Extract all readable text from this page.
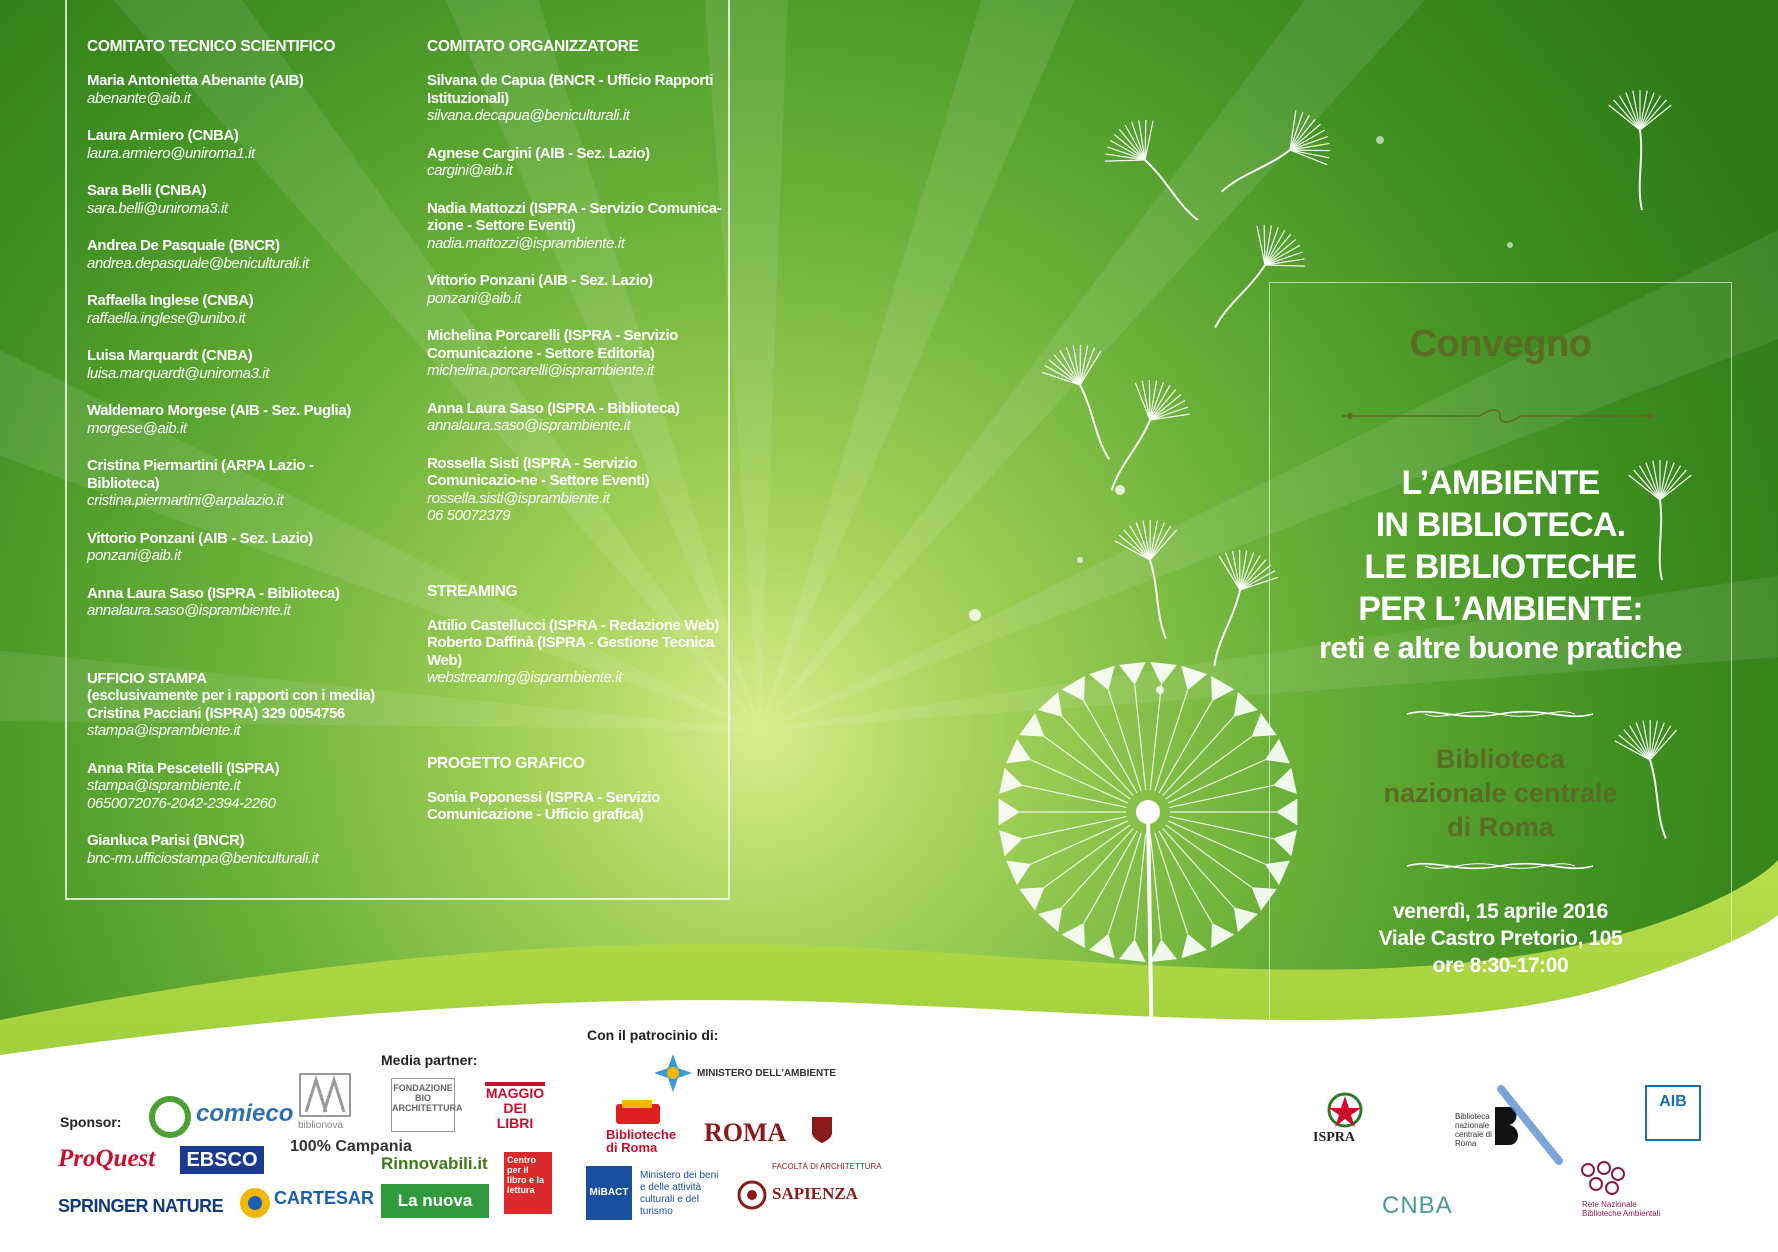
COMITATO TECNICO SCIENTIFICO
Maria Antonietta Abenante (AIB)
abenante@aib.it
Laura Armiero (CNBA)
laura.armiero@uniroma1.it
Sara Belli (CNBA)
sara.belli@uniroma3.it
Andrea De Pasquale (BNCR)
andrea.depasquale@beniculturali.it
Raffaella Inglese (CNBA)
raffaella.inglese@unibo.it
Luisa Marquardt (CNBA)
luisa.marquardt@uniroma3.it
Waldemaro Morgese (AIB - Sez. Puglia)
morgese@aib.it
Cristina Piermartini (ARPA Lazio - Biblioteca)
cristina.piermartini@arpalazio.it
Vittorio Ponzani (AIB - Sez. Lazio)
ponzani@aib.it
Anna Laura Saso (ISPRA - Biblioteca)
annalaura.saso@isprambiente.it
UFFICIO STAMPA
(esclusivamente per i rapporti con i media)
Cristina Pacciani (ISPRA) 329 0054756
stampa@isprambiente.it
Anna Rita Pescetelli (ISPRA)
stampa@isprambiente.it
0650072076-2042-2394-2260
Gianluca Parisi (BNCR)
bnc-rm.ufficiostampa@beniculturali.it
COMITATO ORGANIZZATORE
Silvana de Capua (BNCR - Ufficio Rapporti Istituzionali)
silvana.decapua@beniculturali.it
Agnese Cargini (AIB - Sez. Lazio)
cargini@aib.it
Nadia Mattozzi (ISPRA - Servizio Comunica-zione - Settore Eventi)
nadia.mattozzi@isprambiente.it
Vittorio Ponzani (AIB - Sez. Lazio)
ponzani@aib.it
Michelina Porcarelli (ISPRA - Servizio Comunicazione - Settore Editoria)
michelina.porcarelli@isprambiente.it
Anna Laura Saso (ISPRA - Biblioteca)
annalaura.saso@isprambiente.it
Rossella Sisti (ISPRA - Servizio Comunicazio-ne - Settore Eventi)
rossella.sisti@isprambiente.it
06 50072379
STREAMING
Attilio Castellucci (ISPRA - Redazione Web)
Roberto Daffinà (ISPRA - Gestione Tecnica Web)
webstreaming@isprambiente.it
PROGETTO GRAFICO
Sonia Poponessi (ISPRA - Servizio Comunicazione - Ufficio grafica)
Convegno
L’AMBIENTE
IN BIBLIOTECA.
LE BIBLIOTECHE
PER L’AMBIENTE:
reti e altre buone pratiche
Biblioteca
nazionale centrale
di Roma
venerdì, 15 aprile 2016
Viale Castro Pretorio, 105
ore 8:30-17:00
Sponsor:
Media partner:
Con il patrocinio di:
comieco biblionova
ProQuest	EBSCO
100% Campania
SPRINGER NATURE	CARTESAR
FONDAZIONE BIO ARCHITETTURA
MAGGIO DEI LIBRI
Rinnovabili.it
La nuova ecologia
Centro per il libro e la lettura
MINISTERO DELL'AMBIENTE
Biblioteche di Roma
ROMA
MiBACT
Ministero dei beni e delle attività culturali e del turismo
FACOLTÀ DI ARCHITETTURA
SAPIENZA
ISPRA
Biblioteca nazionale centrale di Roma
AIB
CNBA	Rete Nazionale Biblioteche Ambientali
